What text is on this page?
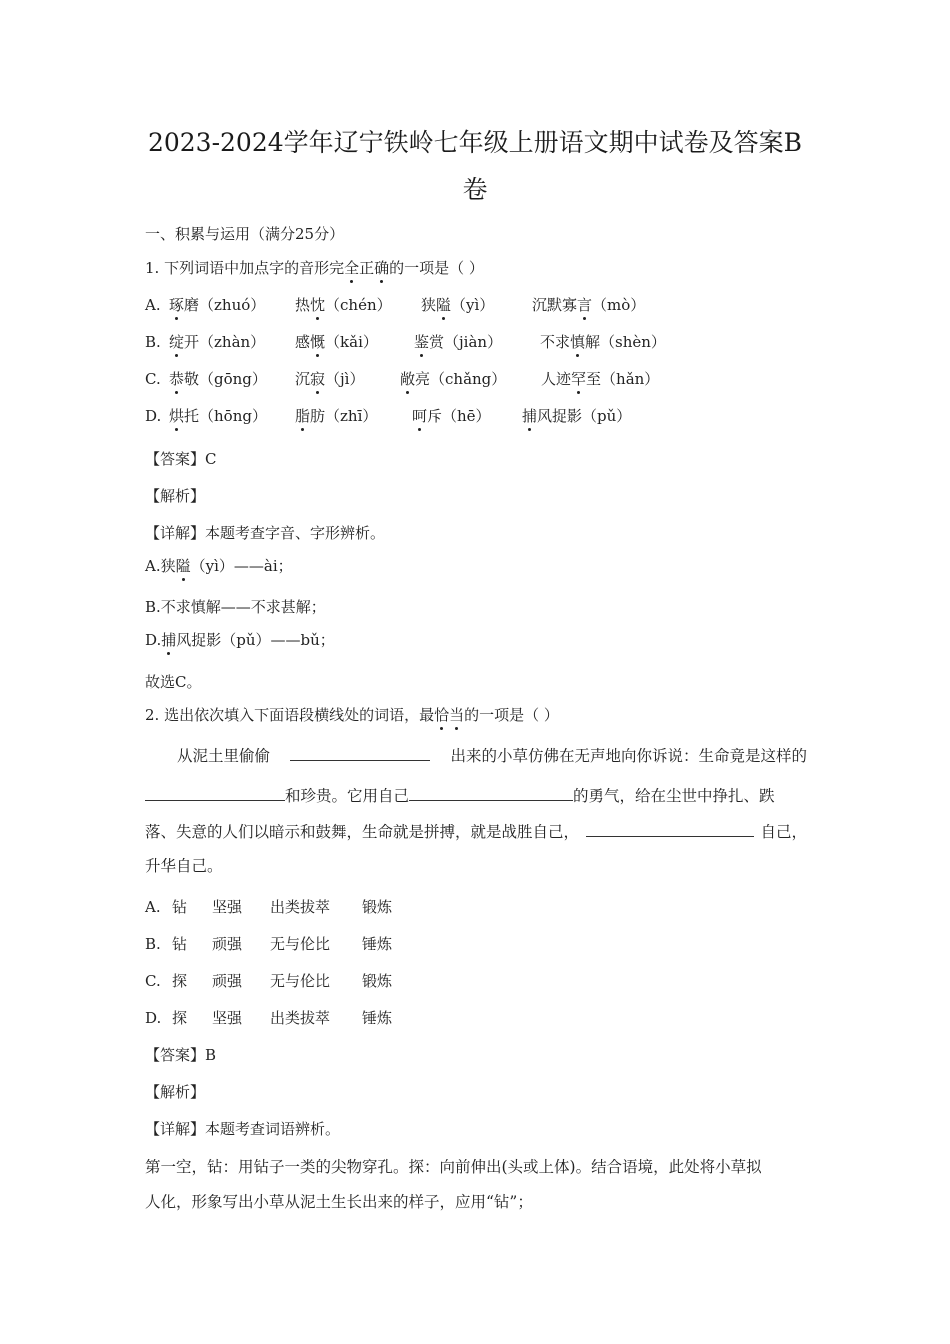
2023-2024学年辽宁铁岭七年级上册语文期中试卷及答案B
卷
一、积累与运用（满分25分）
1. 下列词语中加点字的音形完全正确的一项是（ ）
A. 琢磨（zhuó） 热忱（chén） 狭隘（yì）	沉默寡言（mò）
B. 绽开（zhàn） 感慨（kǎi） 鉴赏（jiàn）	不求慎解（shèn）
C. 恭敬（gōng） 沉寂（jì） 敞亮（chǎng） 人迹罕至（hǎn）
D. 烘托（hōng） 脂肪（zhī） 呵斥（hē） 捕风捉影（pǔ）
【答案】C
【解析】
【详解】本题考查字音、字形辨析。
A.狭隘（yì）——ài；
B.不求慎解——不求甚解；
D.捕风捉影（pǔ）——bǔ；
故选C。
2. 选出依次填入下面语段横线处的词语，最恰当的一项是（ ）
从泥土里偷偷	出来的小草仿佛在无声地向你诉说：生命竟是这样的
和珍贵。它用自己	的勇气，给在尘世中挣扎、跌
落、失意的人们以暗示和鼓舞，生命就是拼搏，就是战胜自己，	自己，
升华自己。
A. 钻 坚强 出类拔萃 锻炼
B. 钻 顽强 无与伦比 锤炼
C. 探 顽强 无与伦比 锻炼
D. 探 坚强 出类拔萃 锤炼
【答案】B
【解析】
【详解】本题考查词语辨析。
第一空，钻：用钻子一类的尖物穿孔。探：向前伸出(头或上体)。结合语境，此处将小草拟
人化，形象写出小草从泥土生长出来的样子，应用“钻”；
